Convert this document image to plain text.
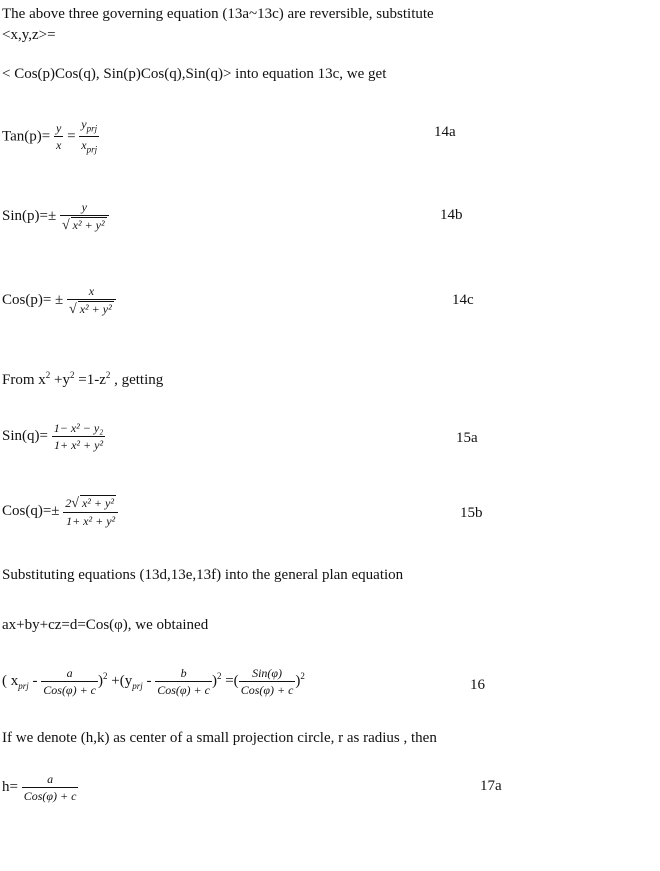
The above three governing equation (13a~13c) are reversible, substitute
<x,y,z>=
< Cos(p)Cos(q), Sin(p)Cos(q),Sin(q)> into equation 13c, we get
$Tan(p)= \frac{y}{x} = \frac{y_{prj}}{x_{prj}}$	14a
$Sin(p)=\pm \frac{y}{\text{√ x² + y²}}$	14b
$Cos(p)= \pm \frac{x}{\text{√ x² + y²}}$	14c
From $x^2 +y^2 =1-z^2$ , getting
$Sin(q)= \frac{\text{1− x² − y₂}}{\text{1+ x² + y²}}$	15a
$Cos(q)=\pm \frac{\text{2√ x² + y²}}{\text{1+ x² + y²}}$	15b
Substituting equations (13d,13e,13f) into the general plan equation
ax+by+cz=d=Cos(φ), we obtained
( $x_{prj} - \frac{a}{\text{Cos(φ) + c}} )^2 +(y_{prj} - \frac{b}{\text{Cos(φ) + c}} )^2$ =( $\frac{\text{Sin(φ)}}{\text{Cos(φ) + c}} )^2$
16
If we denote (h,k) as center of a small projection circle, r as radius , then
$h= \frac{a}{\text{Cos(φ) + c}}$	17a
